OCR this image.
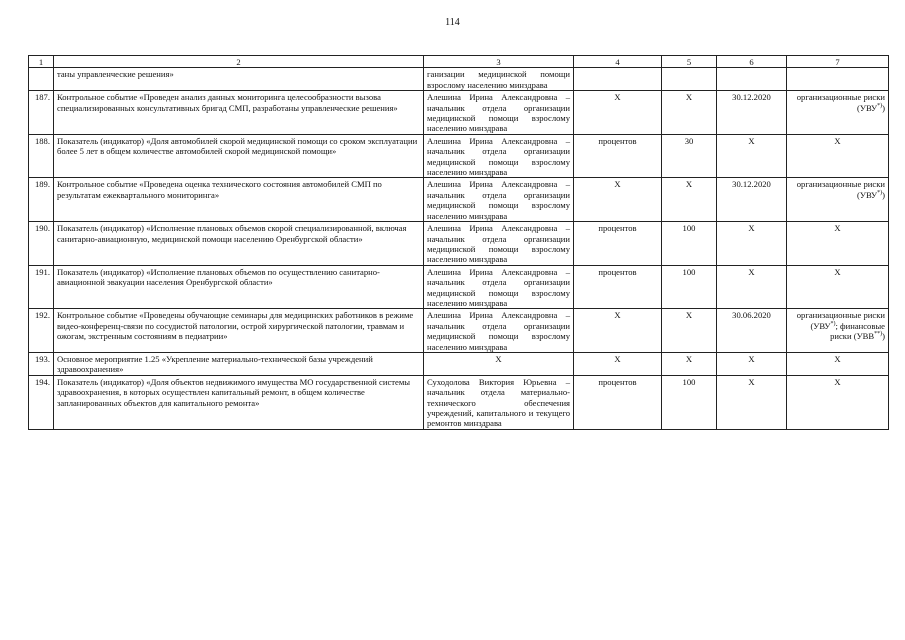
114
1	2	3	4	5	6	7
	таны управленческие решения»	ганизации медицинской помощи взрослому населению минздрава				
187.	Контрольное событие «Проведен анализ данных мониторинга целесообразности вызова специализированных консультативных бригад СМП, разработаны управленческие решения»	Алешина Ирина Александровна – начальник отдела организации медицинской помощи взрослому населению минздрава	Х	Х	30.12.2020	организационные риски (УВУ*))
188.	Показатель (индикатор) «Доля автомобилей скорой медицинской помощи со сроком эксплуатации более 5 лет в общем количестве автомобилей скорой медицинской помощи»	Алешина Ирина Александровна – начальник отдела организации медицинской помощи взрослому населению минздрава	процентов	30	Х	Х
189.	Контрольное событие «Проведена оценка технического состояния автомобилей СМП по результатам ежеквартального мониторинга»	Алешина Ирина Александровна – начальник отдела организации медицинской помощи взрослому населению минздрава	Х	Х	30.12.2020	организационные риски (УВУ*))
190.	Показатель (индикатор) «Исполнение плановых объемов скорой специализированной, включая санитарно-авиационную, медицинской помощи населению Оренбургской области»	Алешина Ирина Александровна – начальник отдела организации медицинской помощи взрослому населению минздрава	процентов	100	Х	Х
191.	Показатель (индикатор) «Исполнение плановых объемов по осуществлению санитарно-авиационной эвакуации населения Оренбургской области»	Алешина Ирина Александровна – начальник отдела организации медицинской помощи взрослому населению минздрава	процентов	100	Х	Х
192.	Контрольное событие «Проведены обучающие семинары для медицинских работников в режиме видео-конференц-связи по сосудистой патологии, острой хирургической патологии, травмам и ожогам, экстренным состояниям в педиатрии»	Алешина Ирина Александровна – начальник отдела организации медицинской помощи взрослому населению минздрава	Х	Х	30.06.2020	организационные риски (УВУ*); финансовые риски (УВВ**))
193.	Основное мероприятие 1.25 «Укрепление материально-технической базы учреждений здравоохранения»	Х	Х	Х	Х	Х
194.	Показатель (индикатор) «Доля объектов недвижимого имущества МО государственной системы здравоохранения, в которых осуществлен капитальный ремонт, в общем количестве запланированных объектов для капитального ремонта»	Суходолова Виктория Юрьевна – начальник отдела материально-технического обеспечения учреждений, капитального и текущего ремонтов минздрава	процентов	100	Х	Х
